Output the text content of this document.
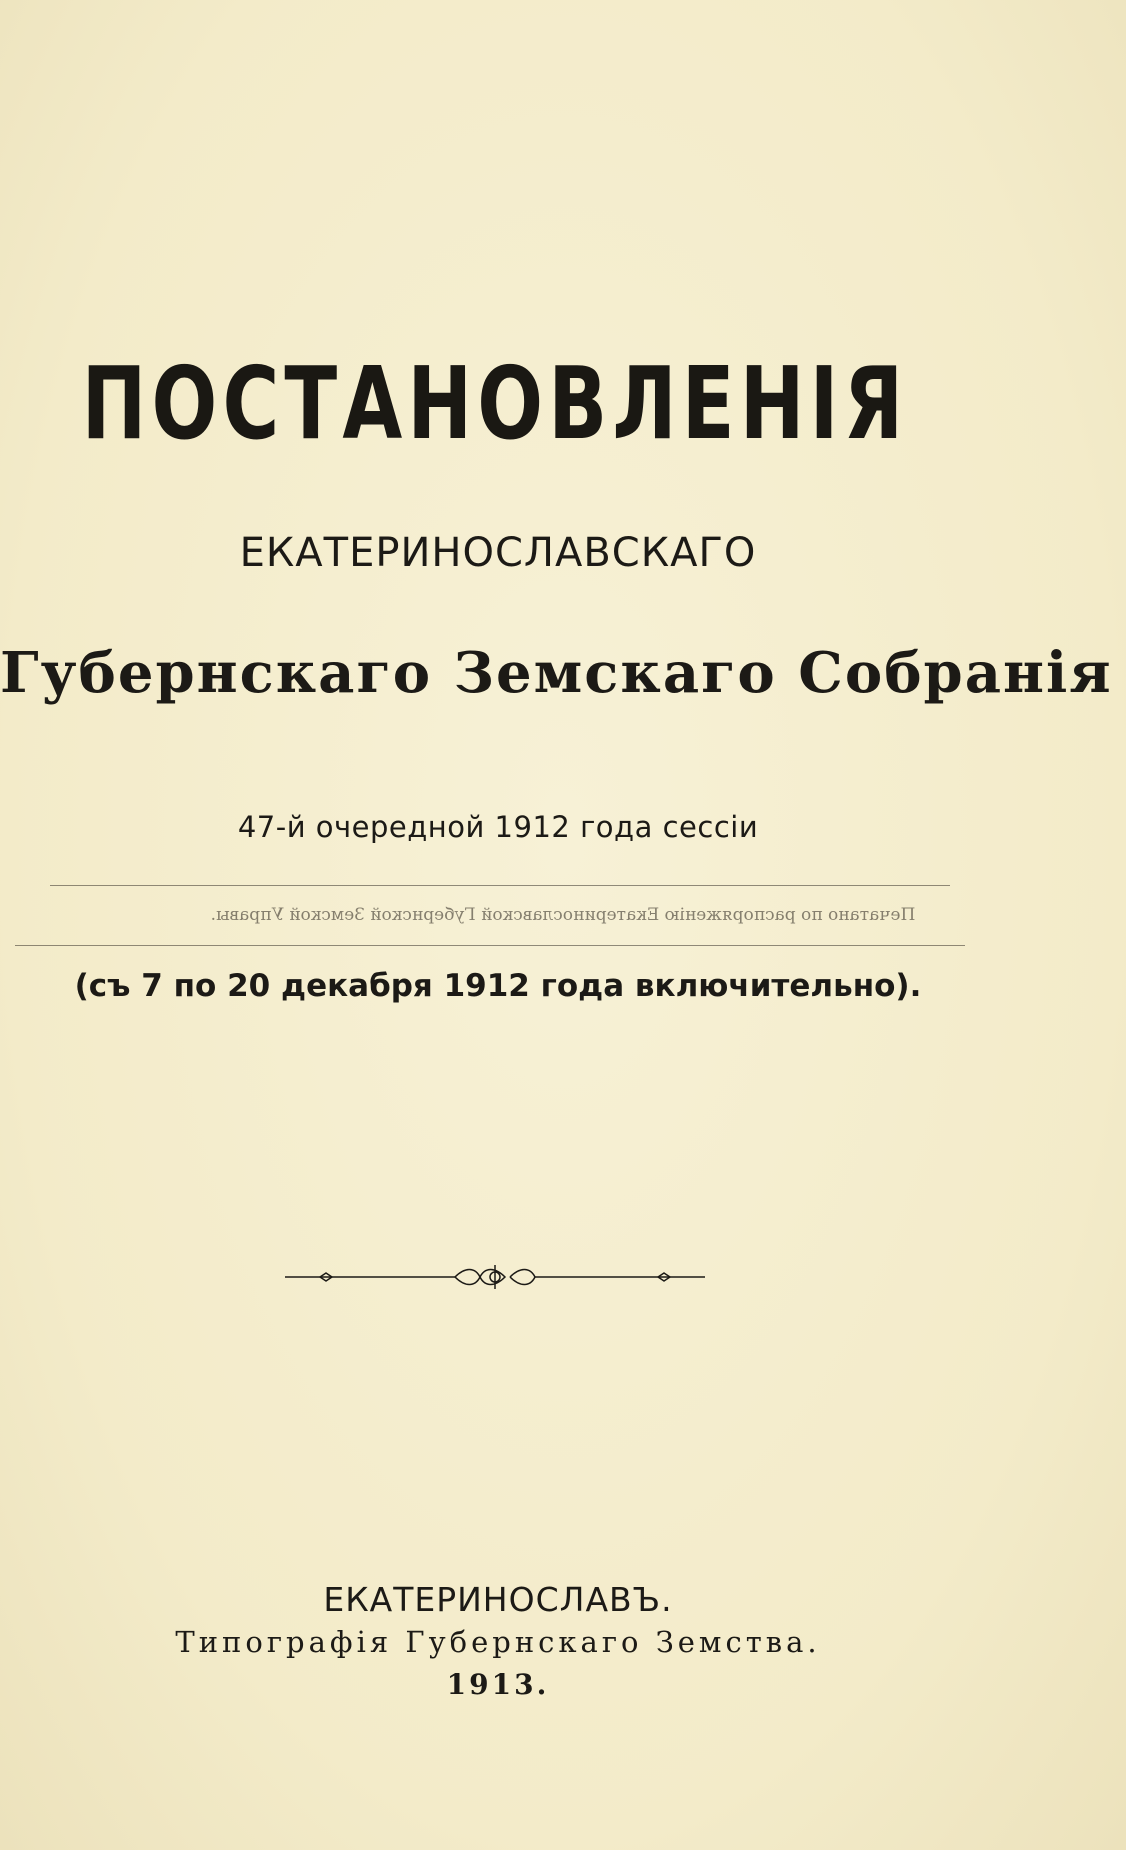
ПОСТАНОВЛЕНІЯ
ЕКАТЕРИНОСЛАВСКАГО
Губернскаго Земскаго Собранія
47-й очередной 1912 года сессіи
Печатано по распоряженію Екатеринославской Губернской Земской Управы.
(съ 7 по 20 декабря 1912 года включительно).
ЕКАТЕРИНОСЛАВЪ.
Типографія Губернскаго Земства.
1913.
